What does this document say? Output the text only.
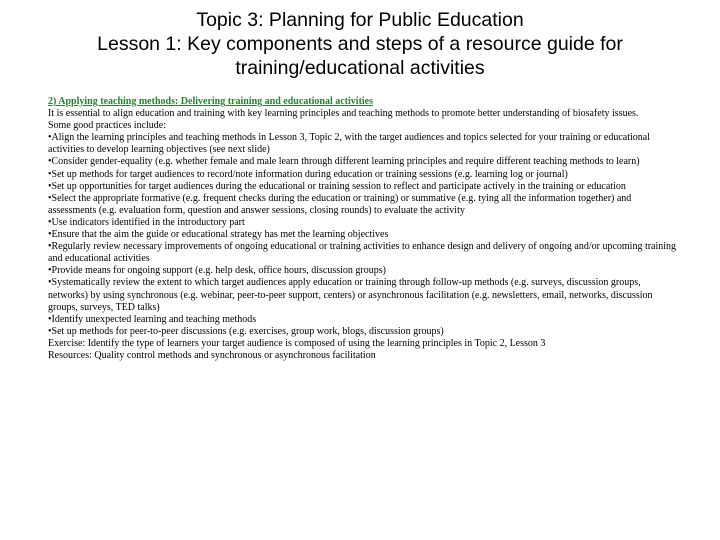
Topic 3: Planning for Public Education
Lesson 1: Key components and steps of a resource guide for
training/educational activities

2) Applying teaching methods: Delivering training and educational activities

It is essential to align education and training with key learning principles and teaching methods to promote better understanding of biosafety issues.

Some good practices include:

•Align the learning principles and teaching methods in Lesson 3, Topic 2, with the target audiences and topics selected for your training or educational activities to develop learning objectives (see next slide)

•Consider gender-equality (e.g. whether female and male learn through different learning principles and require different teaching methods to learn)

•Set up methods for target audiences to record/note information during education or training sessions (e.g. learning log or journal)

•Set up opportunities for target audiences during the educational or training session to reflect and participate actively in the training or education

•Select the appropriate formative (e.g. frequent checks during the education or training) or summative (e.g. tying all the information together) and assessments (e.g. evaluation form, question and answer sessions, closing rounds) to evaluate the activity

•Use indicators identified in the introductory part

•Ensure that the aim the guide or educational strategy has met the learning objectives

•Regularly review necessary improvements of ongoing educational or training activities to enhance design and delivery of ongoing and/or upcoming training and educational activities

•Provide means for ongoing support (e.g. help desk, office hours, discussion groups)

•Systematically review the extent to which target audiences apply education or training through follow-up methods (e.g. surveys, discussion groups, networks) by using synchronous (e.g. webinar, peer-to-peer support, centers) or asynchronous facilitation (e.g. newsletters, email, networks, discussion groups, surveys, TED talks)

•Identify unexpected learning and teaching methods

•Set up methods for peer-to-peer discussions (e.g. exercises, group work, blogs, discussion groups)

Exercise: Identify the type of learners your target audience is composed of using the learning principles in Topic 2, Lesson 3

Resources: Quality control methods and synchronous or asynchronous facilitation
